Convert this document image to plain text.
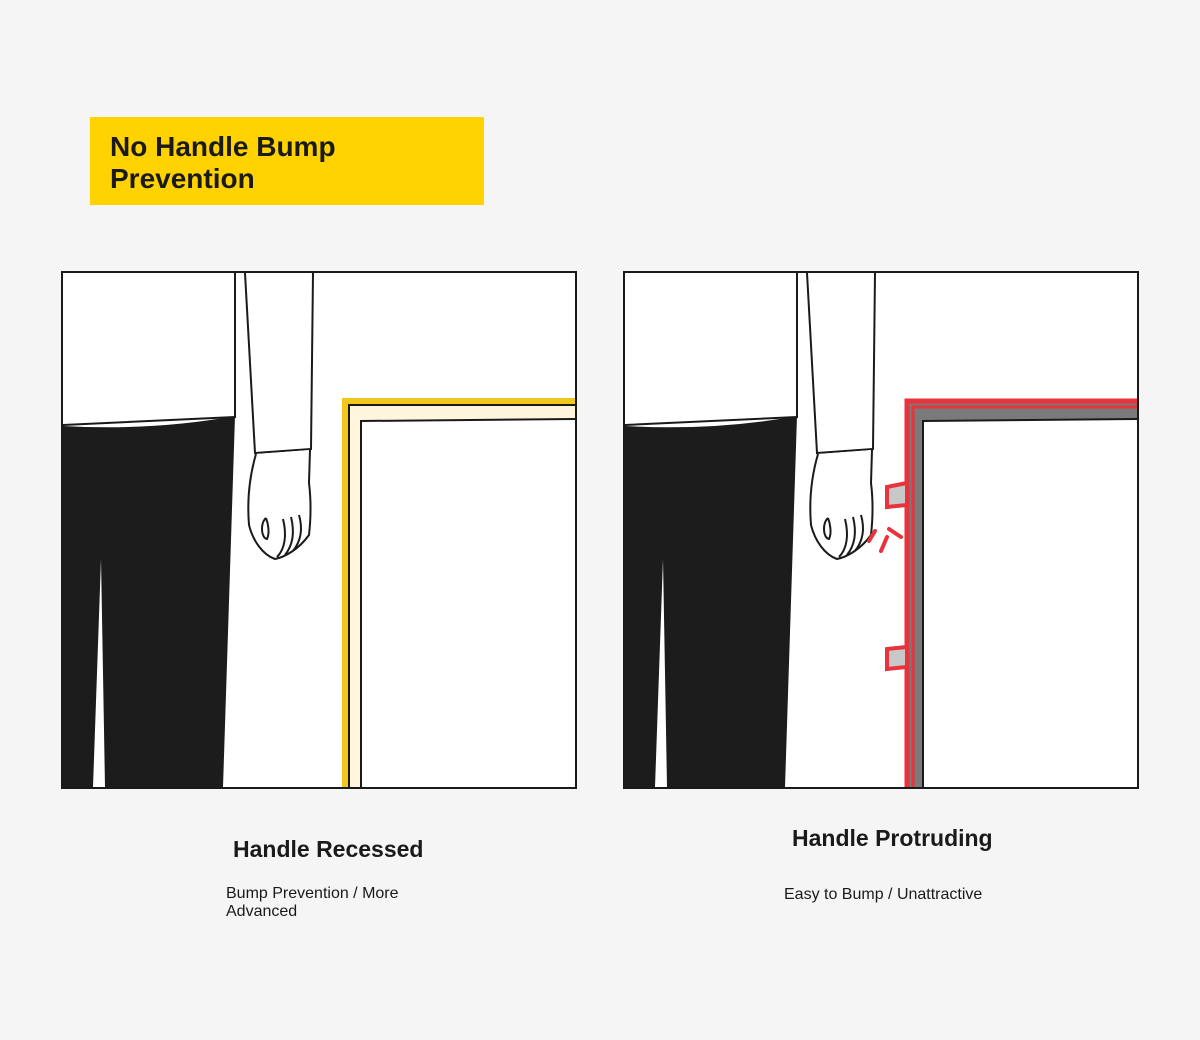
No Handle Bump
Prevention

Handle Recessed

Bump Prevention / More Advanced

Handle Protruding

Easy to Bump / Unattractive
